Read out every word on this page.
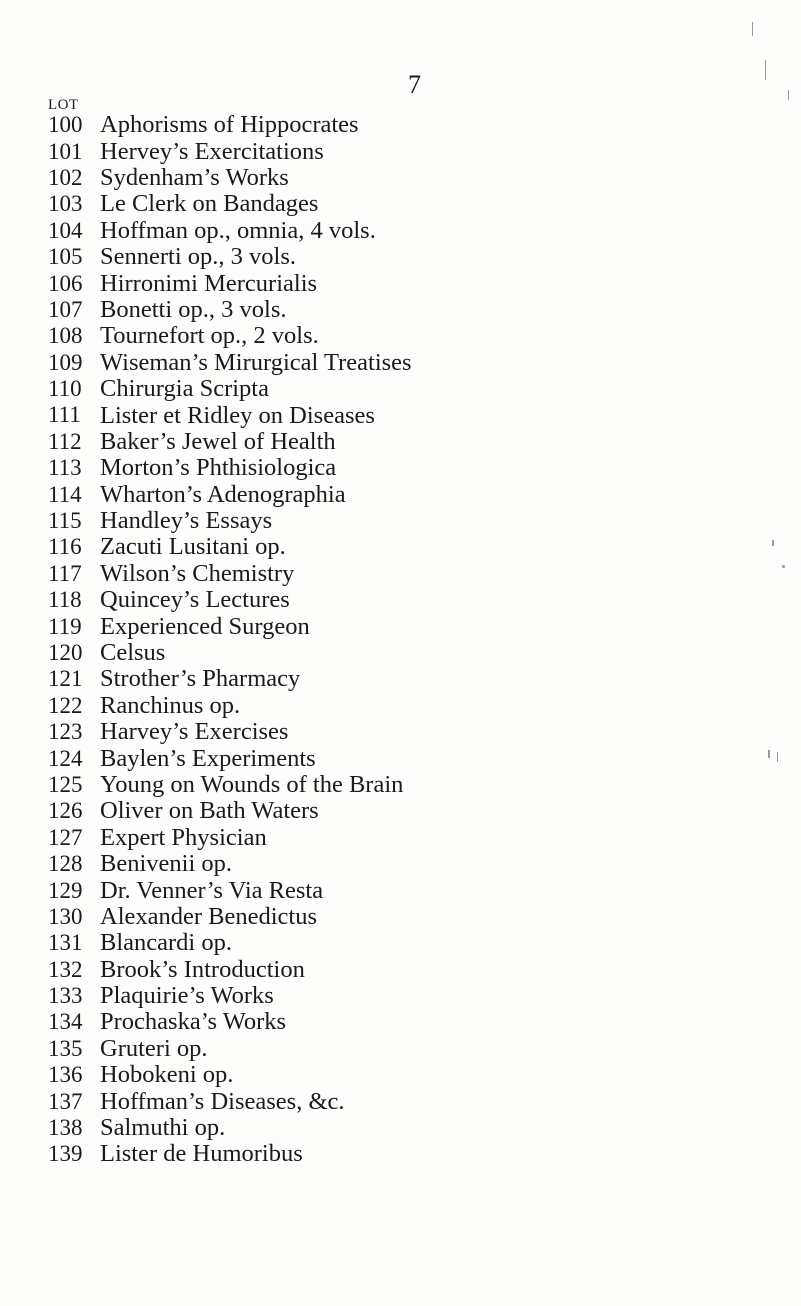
7
LOT
100 Aphorisms of Hippocrates
101 Hervey’s Exercitations
102 Sydenham’s Works
103 Le Clerk on Bandages
104 Hoffman op., omnia, 4 vols.
105 Sennerti op., 3 vols.
106 Hirronimi Mercurialis
107 Bonetti op., 3 vols.
108 Tournefort op., 2 vols.
109 Wiseman’s Mirurgical Treatises
110 Chirurgia Scripta
111 Lister et Ridley on Diseases
112 Baker’s Jewel of Health
113 Morton’s Phthisiologica
114 Wharton’s Adenographia
115 Handley’s Essays
116 Zacuti Lusitani op.
117 Wilson’s Chemistry
118 Quincey’s Lectures
119 Experienced Surgeon
120 Celsus
121 Strother’s Pharmacy
122 Ranchinus op.
123 Harvey’s Exercises
124 Baylen’s Experiments
125 Young on Wounds of the Brain
126 Oliver on Bath Waters
127 Expert Physician
128 Benivenii op.
129 Dr. Venner’s Via Resta
130 Alexander Benedictus
131 Blancardi op.
132 Brook’s Introduction
133 Plaquirie’s Works
134 Prochaska’s Works
135 Gruteri op.
136 Hobokeni op.
137 Hoffman’s Diseases, &c.
138 Salmuthi op.
139 Lister de Humoribus
